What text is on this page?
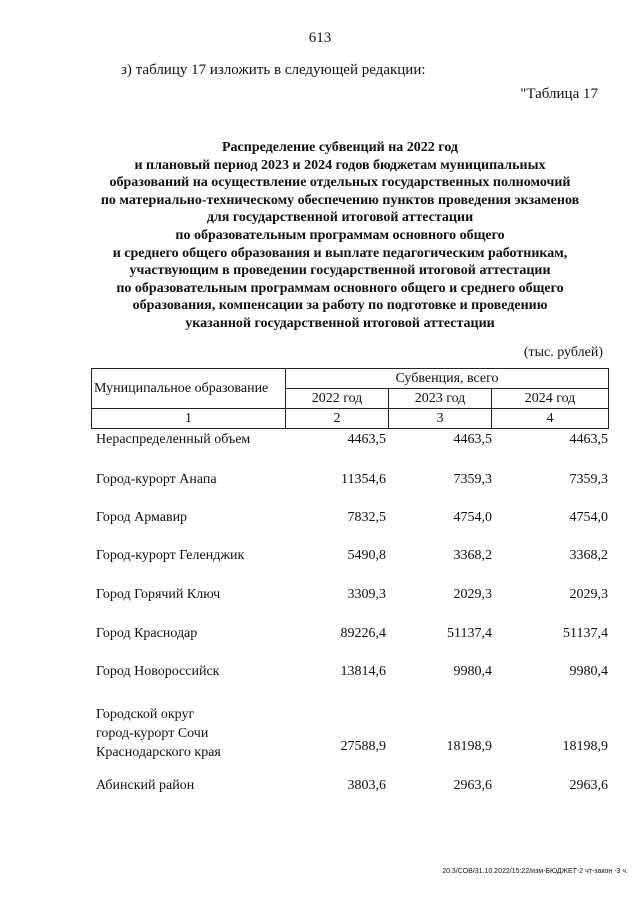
613
з) таблицу 17 изложить в следующей редакции:
"Таблица 17
Распределение субвенций на 2022 год
и плановый период 2023 и 2024 годов бюджетам муниципальных
образований на осуществление отдельных государственных полномочий
по материально-техническому обеспечению пунктов проведения экзаменов
для государственной итоговой аттестации
по образовательным программам основного общего
и среднего общего образования и выплате педагогическим работникам,
участвующим в проведении государственной итоговой аттестации
по образовательным программам основного общего и среднего общего
образования, компенсации за работу по подготовке и проведению
указанной государственной итоговой аттестации
(тыс. рублей)
Муниципальное образование	Субвенция, всего		
	2022 год	2023 год	2024 год
1	2	3	4
Нераспределенный объем	4463,5	4463,5	4463,5
Город-курорт Анапа	11354,6	7359,3	7359,3
Город Армавир	7832,5	4754,0	4754,0
Город-курорт Геленджик	5490,8	3368,2	3368,2
Город Горячий Ключ	3309,3	2029,3	2029,3
Город Краснодар	89226,4	51137,4	51137,4
Город Новороссийск	13814,6	9980,4	9980,4
Городской округ
город-курорт Сочи
Краснодарского края	27588,9	18198,9	18198,9
Абинский район	3803,6	2963,6	2963,6
20.3/СОВ/31.10.2022/15:22/изм-БЮДЖЕТ-2 чт-закон -3 ч.
